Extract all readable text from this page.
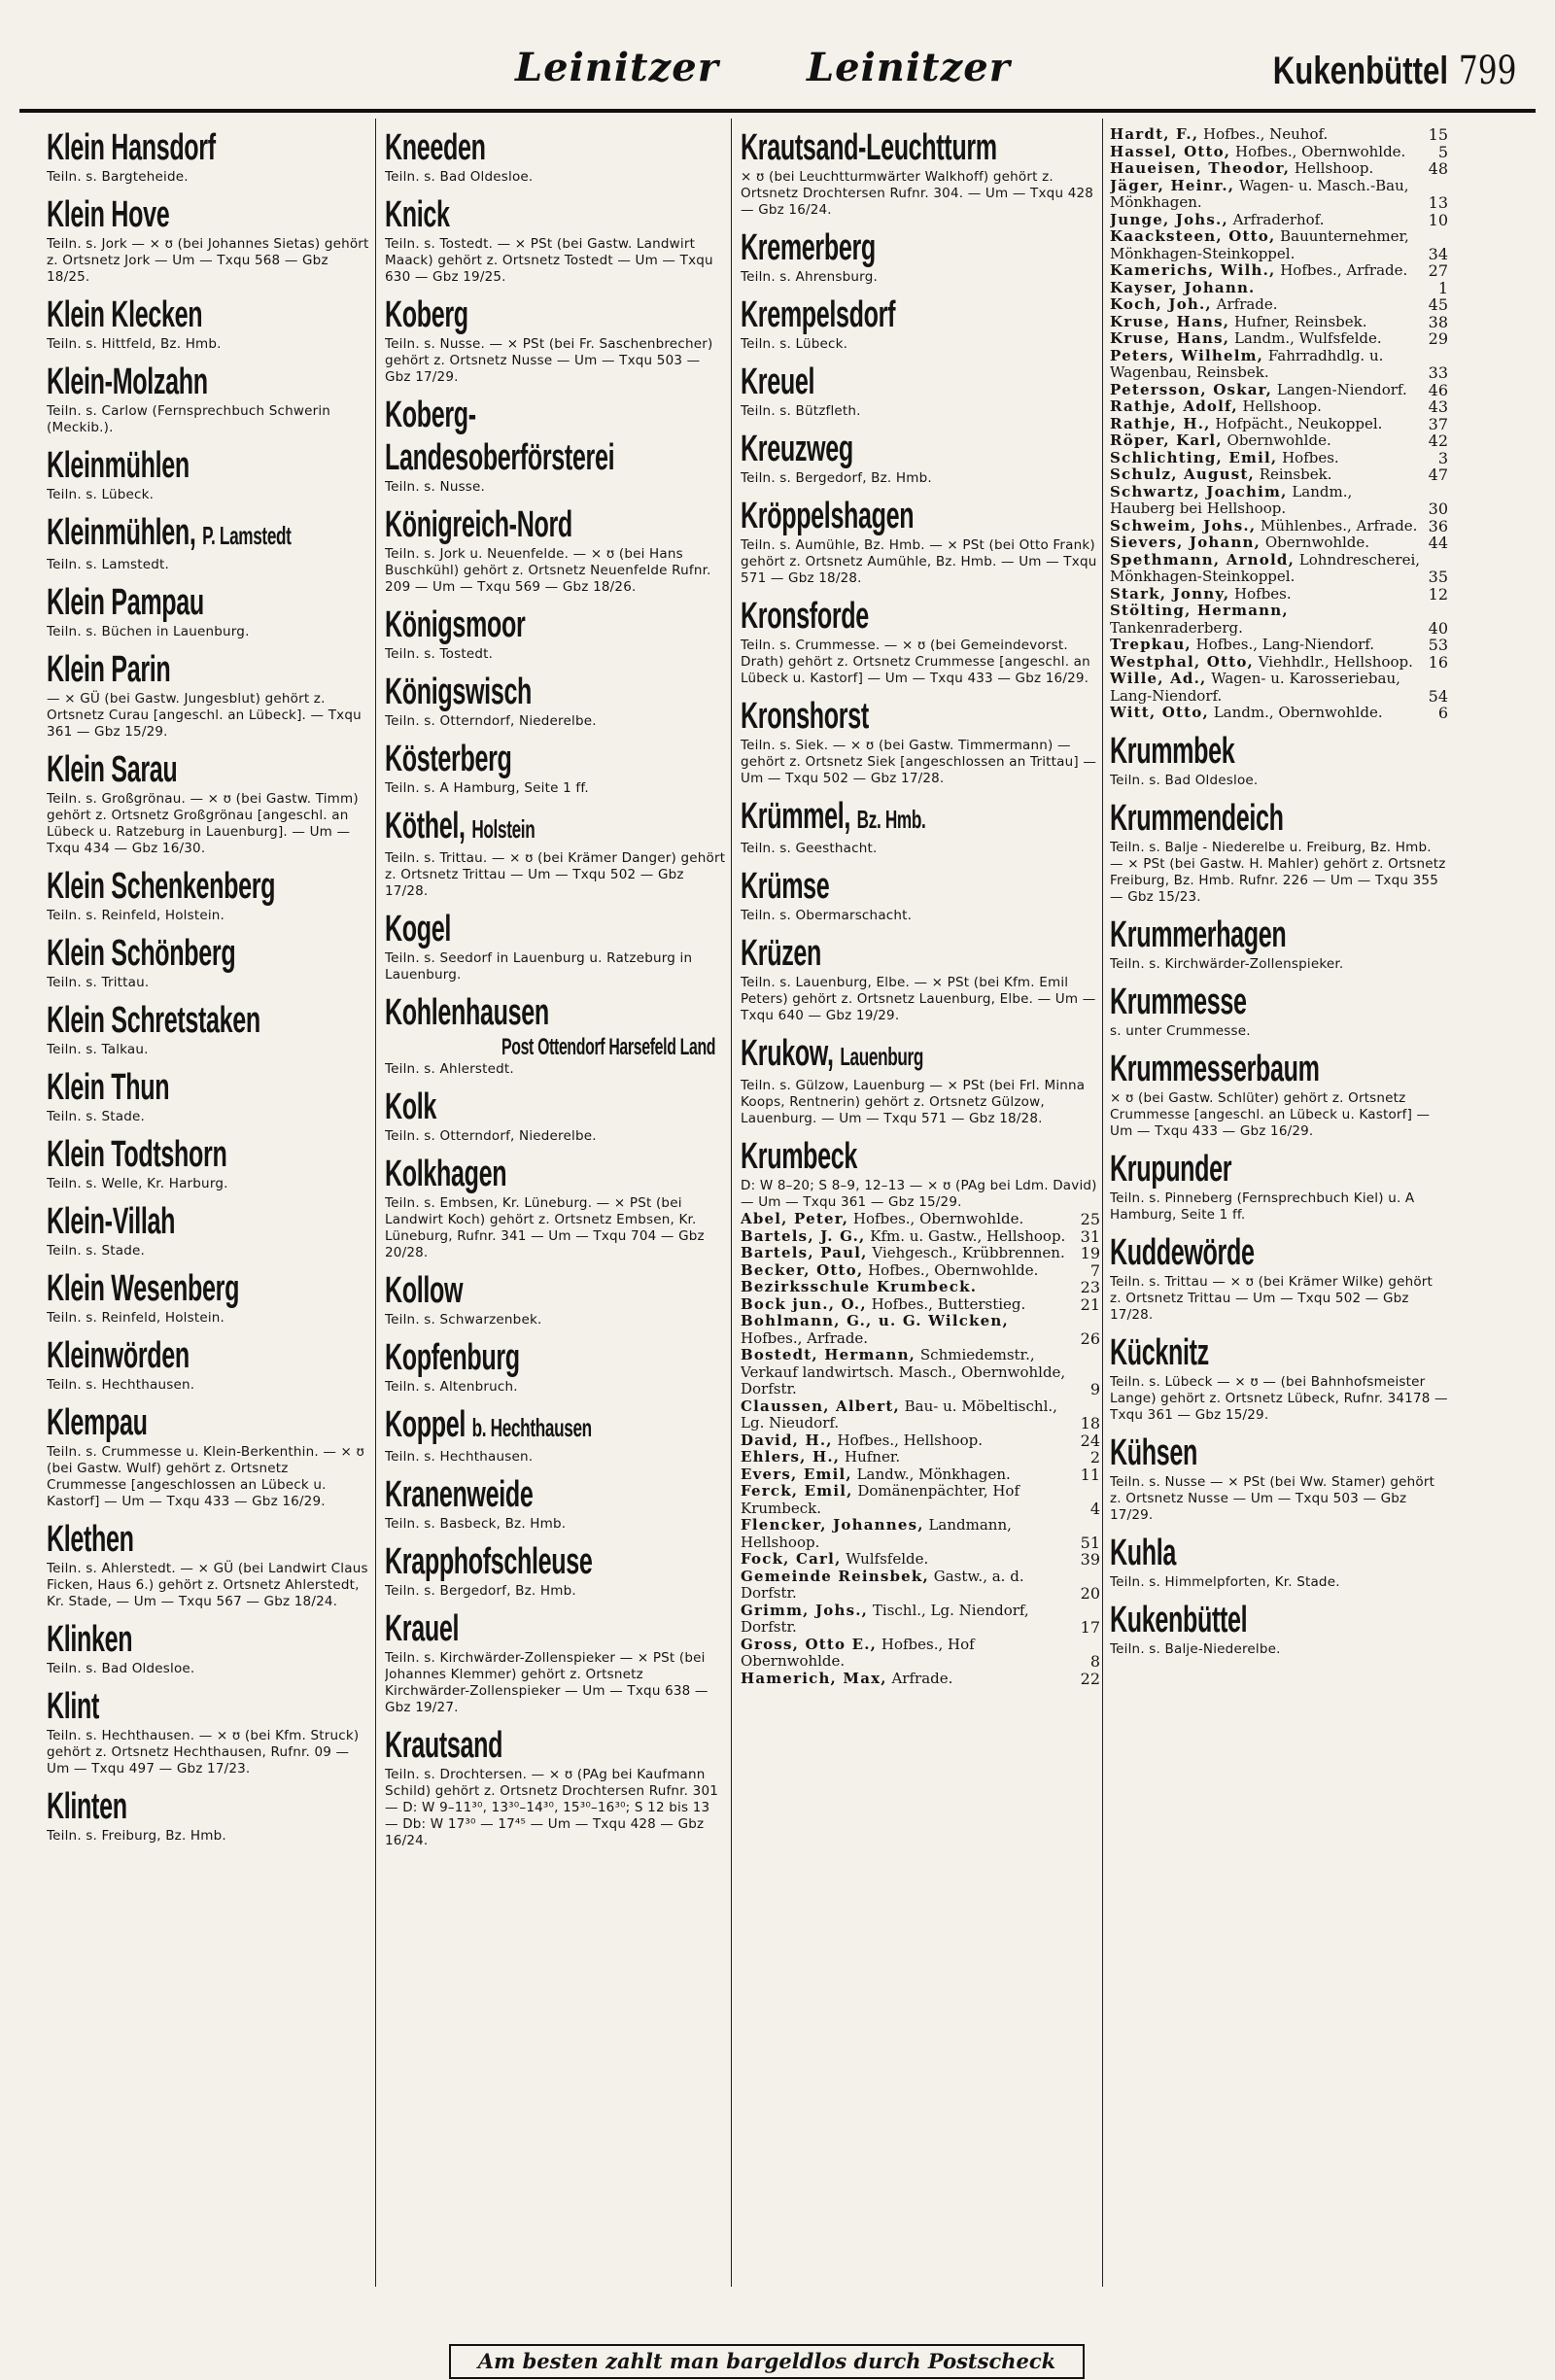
Leinitzer Leinitzer	Kukenbüttel 799
Klein Hansdorf
Teiln. s. Bargteheide.
Klein Hove
Teiln. s. Jork — × ʊ (bei Johannes Sietas) gehört z. Ortsnetz Jork — Um — Txqu 568 — Gbz 18/25.
Klein Klecken
Teiln. s. Hittfeld, Bz. Hmb.
Klein-Molzahn
Teiln. s. Carlow (Fernsprechbuch Schwerin (Meckib.).
Kleinmühlen
Teiln. s. Lübeck.
Kleinmühlen, P. Lamstedt
Teiln. s. Lamstedt.
Klein Pampau
Teiln. s. Büchen in Lauenburg.
Klein Parin
— × GÜ (bei Gastw. Jungesblut) gehört z. Ortsnetz Curau [angeschl. an Lübeck]. — Txqu 361 — Gbz 15/29.
Klein Sarau
Teiln. s. Großgrönau. — × ʊ (bei Gastw. Timm) gehört z. Ortsnetz Großgrönau [angeschl. an Lübeck u. Ratzeburg in Lauenburg]. — Um — Txqu 434 — Gbz 16/30.
Klein Schenkenberg
Teiln. s. Reinfeld, Holstein.
Klein Schönberg
Teiln. s. Trittau.
Klein Schretstaken
Teiln. s. Talkau.
Klein Thun
Teiln. s. Stade.
Klein Todtshorn
Teiln. s. Welle, Kr. Harburg.
Klein-Villah
Teiln. s. Stade.
Klein Wesenberg
Teiln. s. Reinfeld, Holstein.
Kleinwörden
Teiln. s. Hechthausen.
Klempau
Teiln. s. Crummesse u. Klein-Berkenthin. — × ʊ (bei Gastw. Wulf) gehört z. Ortsnetz Crummesse [angeschlossen an Lübeck u. Kastorf] — Um — Txqu 433 — Gbz 16/29.
Klethen
Teiln. s. Ahlerstedt. — × GÜ (bei Landwirt Claus Ficken, Haus 6.) gehört z. Ortsnetz Ahlerstedt, Kr. Stade, — Um — Txqu 567 — Gbz 18/24.
Klinken
Teiln. s. Bad Oldesloe.
Klint
Teiln. s. Hechthausen. — × ʊ (bei Kfm. Struck) gehört z. Ortsnetz Hechthausen, Rufnr. 09 — Um — Txqu 497 — Gbz 17/23.
Klinten
Teiln. s. Freiburg, Bz. Hmb.
Kneeden
Teiln. s. Bad Oldesloe.
Knick
Teiln. s. Tostedt. — × PSt (bei Gastw. Landwirt Maack) gehört z. Ortsnetz Tostedt — Um — Txqu 630 — Gbz 19/25.
Koberg
Teiln. s. Nusse. — × PSt (bei Fr. Saschenbrecher) gehört z. Ortsnetz Nusse — Um — Txqu 503 — Gbz 17/29.
Koberg-
Landesoberförsterei
Teiln. s. Nusse.
Königreich-Nord
Teiln. s. Jork u. Neuenfelde. — × ʊ (bei Hans Buschkühl) gehört z. Ortsnetz Neuenfelde Rufnr. 209 — Um — Txqu 569 — Gbz 18/26.
Königsmoor
Teiln. s. Tostedt.
Königswisch
Teiln. s. Otterndorf, Niederelbe.
Kösterberg
Teiln. s. A Hamburg, Seite 1 ff.
Köthel, Holstein
Teiln. s. Trittau. — × ʊ (bei Krämer Danger) gehört z. Ortsnetz Trittau — Um — Txqu 502 — Gbz 17/28.
Kogel
Teiln. s. Seedorf in Lauenburg u. Ratzeburg in Lauenburg.
Kohlenhausen
Post Ottendorf Harsefeld Land
Teiln. s. Ahlerstedt.
Kolk
Teiln. s. Otterndorf, Niederelbe.
Kolkhagen
Teiln. s. Embsen, Kr. Lüneburg. — × PSt (bei Landwirt Koch) gehört z. Ortsnetz Embsen, Kr. Lüneburg, Rufnr. 341 — Um — Txqu 704 — Gbz 20/28.
Kollow
Teiln. s. Schwarzenbek.
Kopfenburg
Teiln. s. Altenbruch.
Koppel b. Hechthausen
Teiln. s. Hechthausen.
Kranenweide
Teiln. s. Basbeck, Bz. Hmb.
Krapphofschleuse
Teiln. s. Bergedorf, Bz. Hmb.
Krauel
Teiln. s. Kirchwärder-Zollenspieker — × PSt (bei Johannes Klemmer) gehört z. Ortsnetz Kirchwärder-Zollenspieker — Um — Txqu 638 — Gbz 19/27.
Krautsand
Teiln. s. Drochtersen. — × ʊ (PAg bei Kaufmann Schild) gehört z. Ortsnetz Drochtersen Rufnr. 301 — D: W 9–11³⁰, 13³⁰–14³⁰, 15³⁰–16³⁰; S 12 bis 13 — Db: W 17³⁰ — 17⁴⁵ — Um — Txqu 428 — Gbz 16/24.
Krautsand-Leuchtturm
× ʊ (bei Leuchtturmwärter Walkhoff) gehört z. Ortsnetz Drochtersen Rufnr. 304. — Um — Txqu 428 — Gbz 16/24.
Kremerberg
Teiln. s. Ahrensburg.
Krempelsdorf
Teiln. s. Lübeck.
Kreuel
Teiln. s. Bützfleth.
Kreuzweg
Teiln. s. Bergedorf, Bz. Hmb.
Kröppelshagen
Teiln. s. Aumühle, Bz. Hmb. — × PSt (bei Otto Frank) gehört z. Ortsnetz Aumühle, Bz. Hmb. — Um — Txqu 571 — Gbz 18/28.
Kronsforde
Teiln. s. Crummesse. — × ʊ (bei Gemeindevorst. Drath) gehört z. Ortsnetz Crummesse [angeschl. an Lübeck u. Kastorf] — Um — Txqu 433 — Gbz 16/29.
Kronshorst
Teiln. s. Siek. — × ʊ (bei Gastw. Timmermann) — gehört z. Ortsnetz Siek [angeschlossen an Trittau] — Um — Txqu 502 — Gbz 17/28.
Krümmel, Bz. Hmb.
Teiln. s. Geesthacht.
Krümse
Teiln. s. Obermarschacht.
Krüzen
Teiln. s. Lauenburg, Elbe. — × PSt (bei Kfm. Emil Peters) gehört z. Ortsnetz Lauenburg, Elbe. — Um — Txqu 640 — Gbz 19/29.
Krukow, Lauenburg
Teiln. s. Gülzow, Lauenburg — × PSt (bei Frl. Minna Koops, Rentnerin) gehört z. Ortsnetz Gülzow, Lauenburg. — Um — Txqu 571 — Gbz 18/28.
Krumbeck
D: W 8–20; S 8–9, 12–13 — × ʊ (PAg bei Ldm. David) — Um — Txqu 361 — Gbz 15/29.
Abel, Peter, Hofbes., Obernwohlde.	25
Bartels, J. G., Kfm. u. Gastw., Hellshoop. 31
Bartels, Paul, Viehgesch., Krübbrennen. 19
Becker, Otto, Hofbes., Obernwohlde.	7
Bezirksschule Krumbeck.	23
Bock jun., O., Hofbes., Butterstieg.	21
Bohlmann, G., u. G. Wilcken, Hofbes., Arfrade.	26
Bostedt, Hermann, Schmiedemstr., Verkauf landwirtsch. Masch., Obernwohlde, Dorfstr.	9
Claussen, Albert, Bau- u. Möbeltischl., Lg. Nieudorf.	18
David, H., Hofbes., Hellshoop.	24
Ehlers, H., Hufner.	2
Evers, Emil, Landw., Mönkhagen.	11
Ferck, Emil, Domänenpächter, Hof Krumbeck.	4
Flencker, Johannes, Landmann, Hellshoop.	51
Fock, Carl, Wulfsfelde.	39
Gemeinde Reinsbek, Gastw., a. d. Dorfstr.	20
Grimm, Johs., Tischl., Lg. Niendorf, Dorfstr.	17
Gross, Otto E., Hofbes., Hof Obernwohlde.	8
Hamerich, Max, Arfrade.	22
Hardt, F., Hofbes., Neuhof.	15
Hassel, Otto, Hofbes., Obernwohlde. 5
Haueisen, Theodor, Hellshoop.	48
Jäger, Heinr., Wagen- u. Masch.-Bau, Mönkhagen.	13
Junge, Johs., Arfraderhof.	10
Kaacksteen, Otto, Bauunternehmer, Mönkhagen-Steinkoppel.	34
Kamerichs, Wilh., Hofbes., Arfrade. 27
Kayser, Johann.	1
Koch, Joh., Arfrade.	45
Kruse, Hans, Hufner, Reinsbek.	38
Kruse, Hans, Landm., Wulfsfelde.	29
Peters, Wilhelm, Fahrradhdlg. u. Wagenbau, Reinsbek.	33
Petersson, Oskar, Langen-Niendorf. 46
Rathje, Adolf, Hellshoop.	43
Rathje, H., Hofpächt., Neukoppel.	37
Röper, Karl, Obernwohlde.	42
Schlichting, Emil, Hofbes.	3
Schulz, August, Reinsbek.	47
Schwartz, Joachim, Landm., Hauberg bei Hellshoop.	30
Schweim, Johs., Mühlenbes., Arfrade. 36
Sievers, Johann, Obernwohlde.	44
Spethmann, Arnold, Lohndrescherei, Mönkhagen-Steinkoppel.	35
Stark, Jonny, Hofbes.	12
Stölting, Hermann, Tankenraderberg.	40
Trepkau, Hofbes., Lang-Niendorf.	53
Westphal, Otto, Viehhdlr., Hellshoop. 16
Wille, Ad., Wagen- u. Karosseriebau, Lang-Niendorf.	54
Witt, Otto, Landm., Obernwohlde.	6
Krummbek
Teiln. s. Bad Oldesloe.
Krummendeich
Teiln. s. Balje - Niederelbe u. Freiburg, Bz. Hmb. — × PSt (bei Gastw. H. Mahler) gehört z. Ortsnetz Freiburg, Bz. Hmb. Rufnr. 226 — Um — Txqu 355 — Gbz 15/23.
Krummerhagen
Teiln. s. Kirchwärder-Zollenspieker.
Krummesse
s. unter Crummesse.
Krummesserbaum
× ʊ (bei Gastw. Schlüter) gehört z. Ortsnetz Crummesse [angeschl. an Lübeck u. Kastorf] — Um — Txqu 433 — Gbz 16/29.
Krupunder
Teiln. s. Pinneberg (Fernsprechbuch Kiel) u. A Hamburg, Seite 1 ff.
Kuddewörde
Teiln. s. Trittau — × ʊ (bei Krämer Wilke) gehört z. Ortsnetz Trittau — Um — Txqu 502 — Gbz 17/28.
Kücknitz
Teiln. s. Lübeck — × ʊ — (bei Bahnhofsmeister Lange) gehört z. Ortsnetz Lübeck, Rufnr. 34178 — Txqu 361 — Gbz 15/29.
Kühsen
Teiln. s. Nusse — × PSt (bei Ww. Stamer) gehört z. Ortsnetz Nusse — Um — Txqu 503 — Gbz 17/29.
Kuhla
Teiln. s. Himmelpforten, Kr. Stade.
Kukenbüttel
Teiln. s. Balje-Niederelbe.
Am besten zahlt man bargeldlos durch Postscheck
